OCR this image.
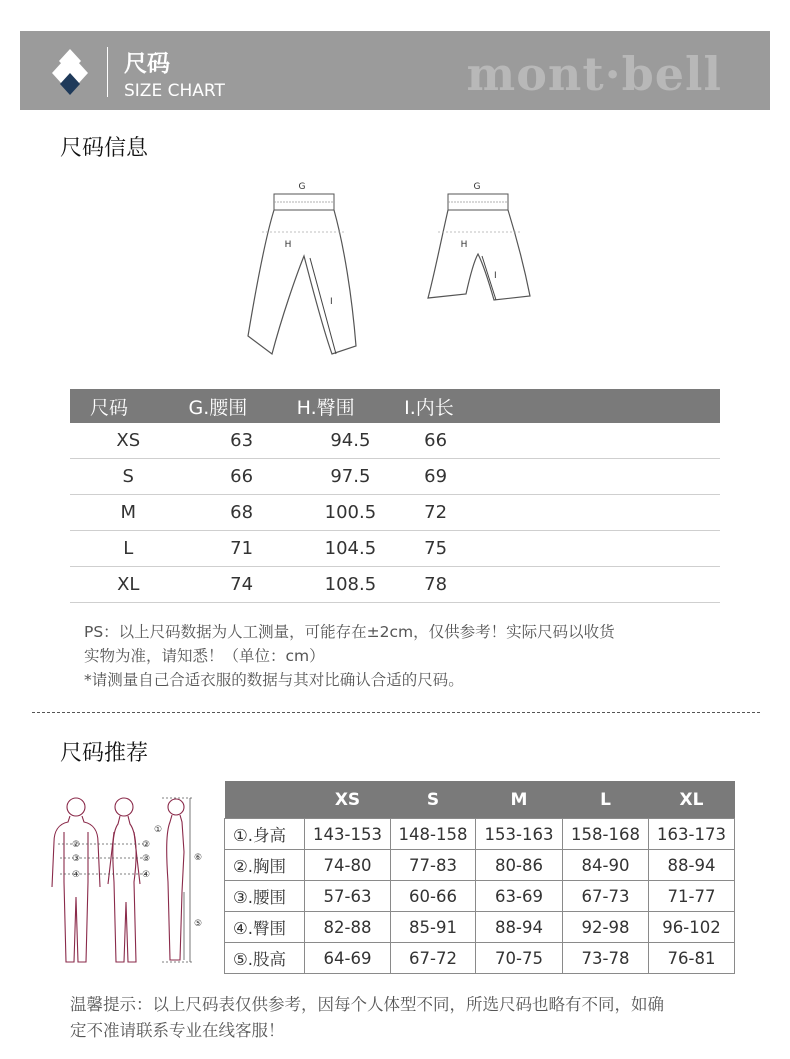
尺码
SIZE CHART	mont·bell
尺码信息
G
H
I
G
H
I
尺码	G.腰围	H.臀围	I.内长
XS	63	94.5	66
S	66	97.5	69
M	68	100.5	72
L	71	104.5	75
XL	74	108.5	78
PS：以上尺码数据为人工测量，可能存在±2cm，仅供参考！实际尺码以收货
实物为准，请知悉！（单位：cm）
*请测量自己合适衣服的数据与其对比确认合适的尺码。
尺码推荐
②
③
④
②
③
④
①
⑥
⑤
	XS	S	M	L	XL
①.身高	143-153	148-158	153-163	158-168	163-173
②.胸围	74-80	77-83	80-86	84-90	88-94
③.腰围	57-63	60-66	63-69	67-73	71-77
④.臀围	82-88	85-91	88-94	92-98	96-102
⑤.股高	64-69	67-72	70-75	73-78	76-81
温馨提示：以上尺码表仅供参考，因每个人体型不同，所选尺码也略有不同，如确
定不准请联系专业在线客服！
